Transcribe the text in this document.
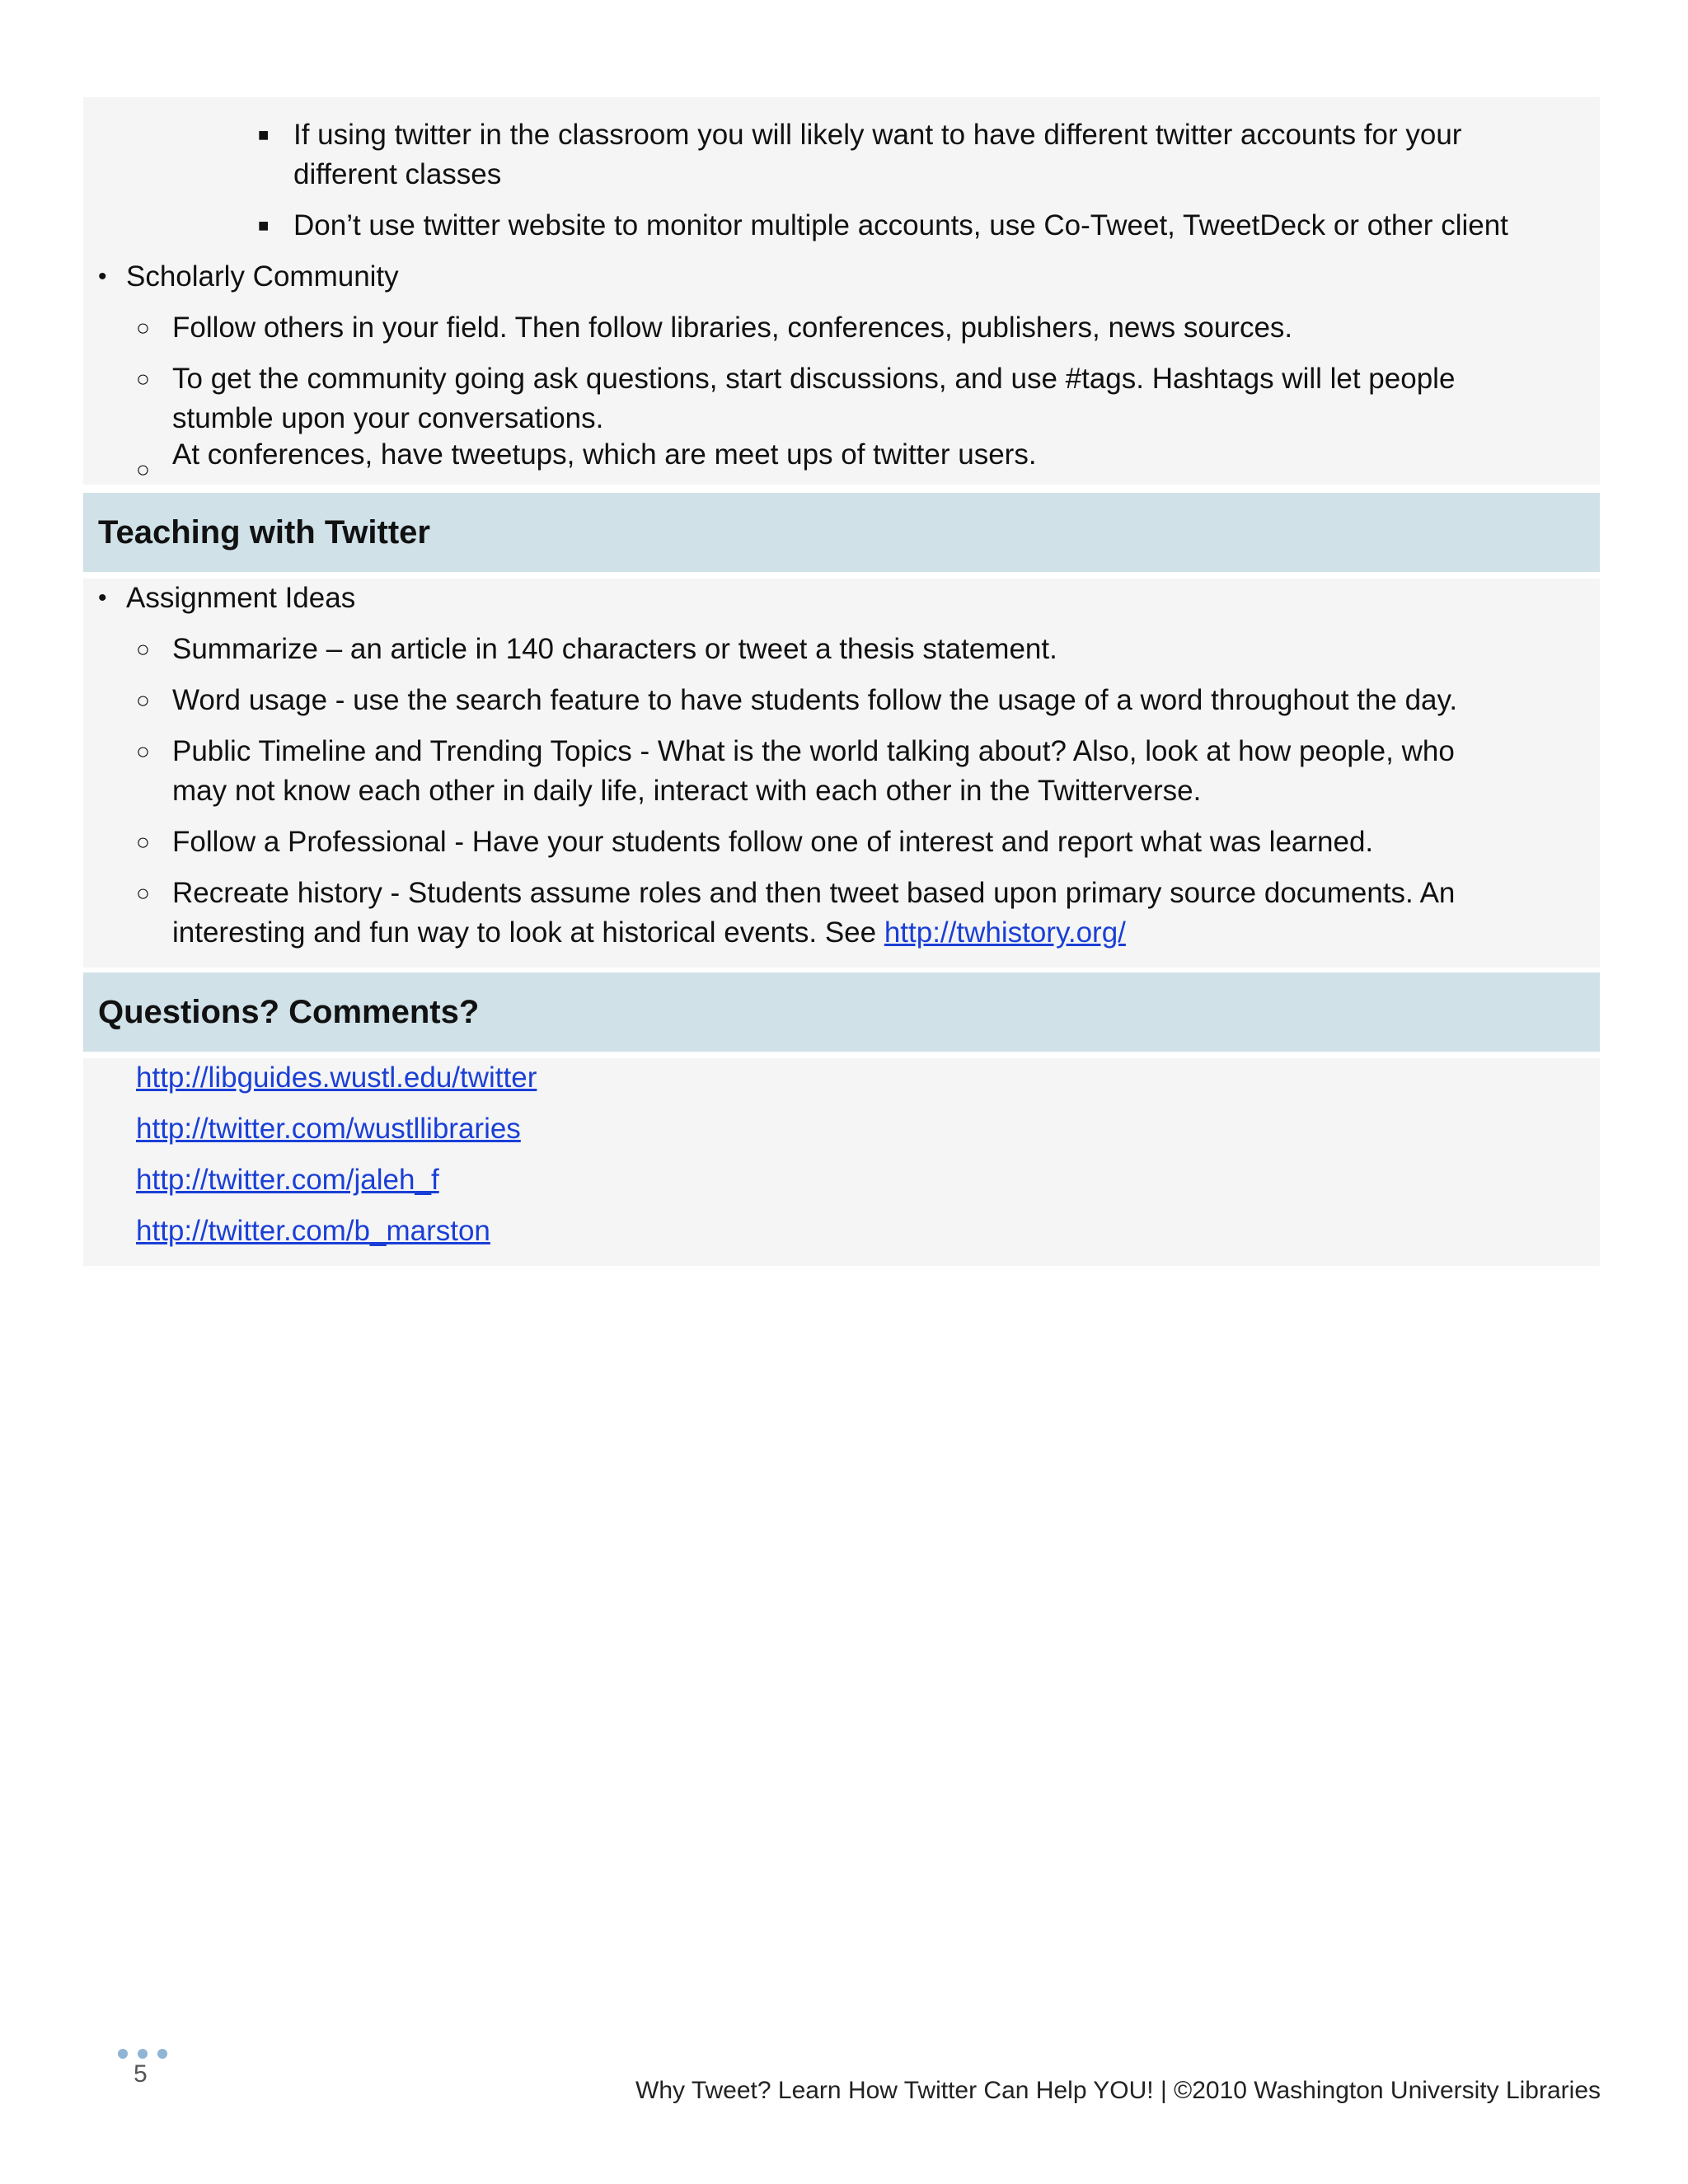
■ If using twitter in the classroom you will likely want to have different twitter accounts for your
different classes
■ Don’t use twitter website to monitor multiple accounts, use Co-Tweet, TweetDeck or other client
• Scholarly Community
○ Follow others in your field. Then follow libraries, conferences, publishers, news sources.
○ To get the community going ask questions, start discussions, and use #tags. Hashtags will let people
stumble upon your conversations.
○ At conferences, have tweetups, which are meet ups of twitter users.
Teaching with Twitter
• Assignment Ideas
○ Summarize – an article in 140 characters or tweet a thesis statement.
○ Word usage - use the search feature to have students follow the usage of a word throughout the day.
○ Public Timeline and Trending Topics - What is the world talking about? Also, look at how people, who
may not know each other in daily life, interact with each other in the Twitterverse.
○ Follow a Professional - Have your students follow one of interest and report what was learned.
○ Recreate history - Students assume roles and then tweet based upon primary source documents. An
interesting and fun way to look at historical events. See http://twhistory.org/
Questions? Comments?
http://libguides.wustl.edu/twitter
http://twitter.com/wustllibraries
http://twitter.com/jaleh_f
http://twitter.com/b_marston
5
Why Tweet? Learn How Twitter Can Help YOU! | ©2010 Washington University Libraries
